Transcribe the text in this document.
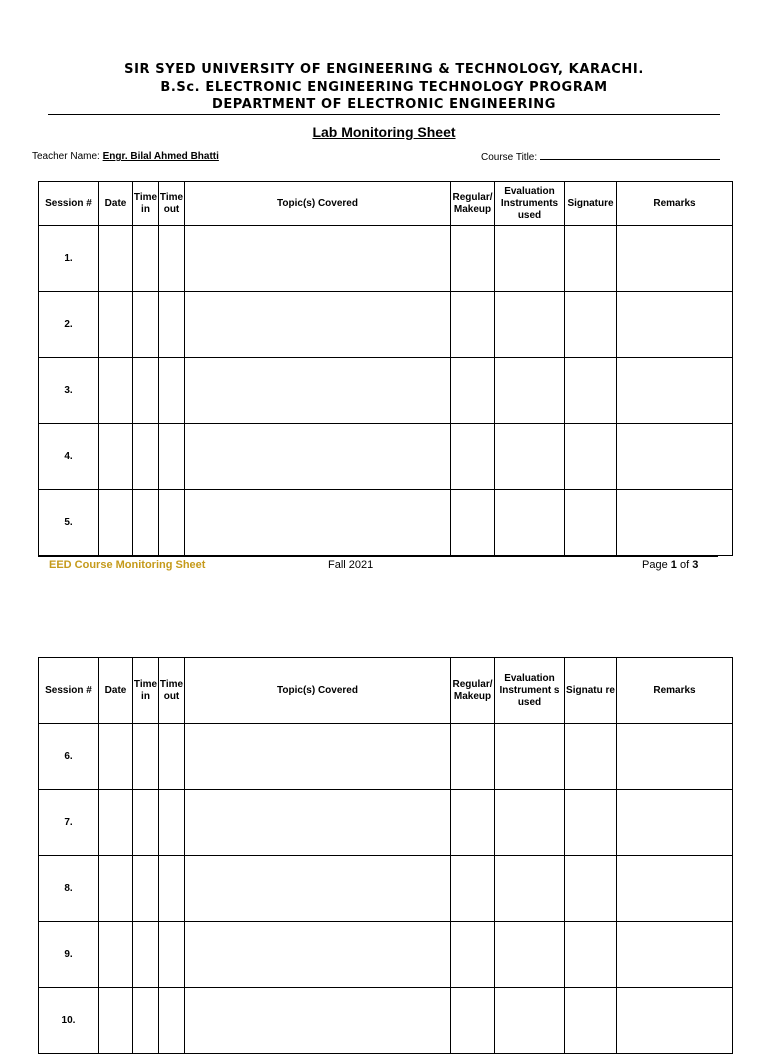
SIR SYED UNIVERSITY OF ENGINEERING & TECHNOLOGY, KARACHI.
B.Sc. ELECTRONIC ENGINEERING TECHNOLOGY PROGRAM
DEPARTMENT OF ELECTRONIC ENGINEERING
Lab Monitoring Sheet
Teacher Name: Engr. Bilal Ahmed Bhatti	Course Title:
Session #	Date	Time in	Time out	Topic(s) Covered	Regular/ Makeup	Evaluation Instruments used	Signature	Remarks
1.								
2.								
3.								
4.								
5.								
EED Course Monitoring Sheet	Fall 2021	Page 1 of 3
Session #	Date	Time in	Time out	Topic(s) Covered	Regular/ Makeup	Evaluation Instrument s used	Signatu re	Remarks
6.								
7.								
8.								
9.								
10.								
